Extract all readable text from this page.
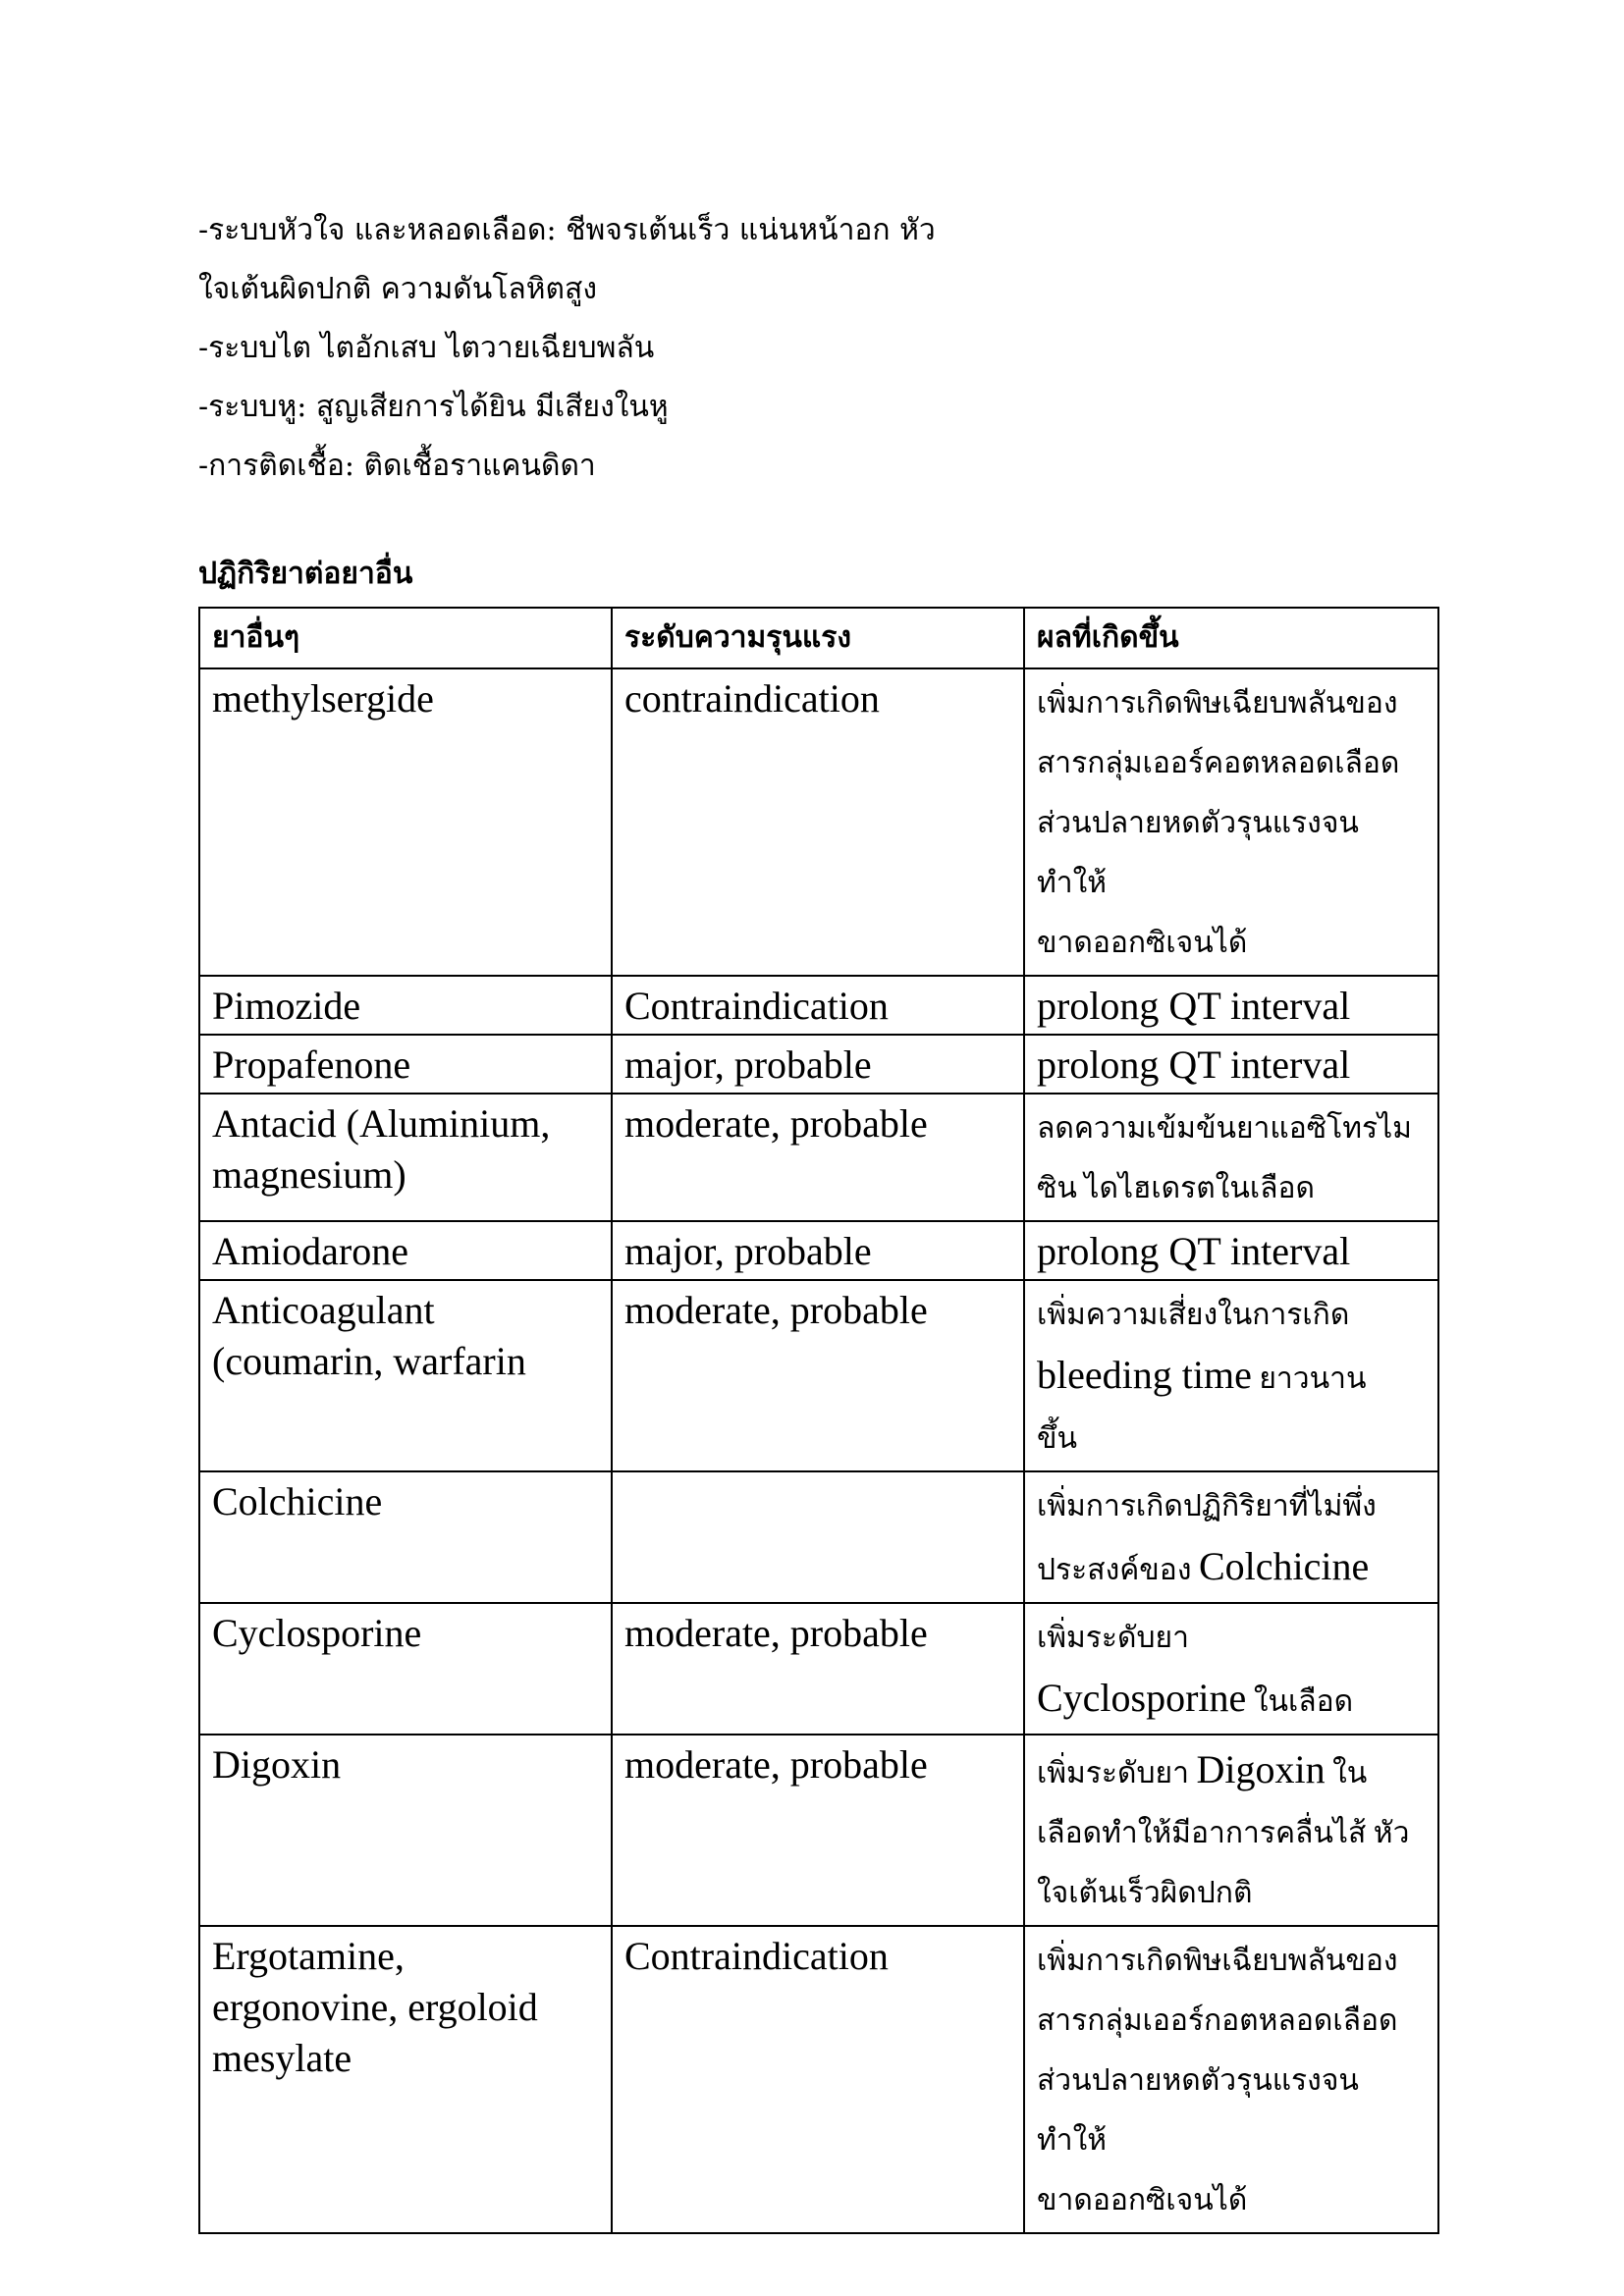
-ระบบหัวใจ และหลอดเลือด: ชีพจรเต้นเร็ว แน่นหน้าอก หัว

ใจเต้นผิดปกติ ความดันโลหิตสูง

-ระบบไต ไตอักเสบ ไตวายเฉียบพลัน

-ระบบหู: สูญเสียการได้ยิน มีเสียงในหู

-การติดเชื้อ: ติดเชื้อราแคนดิดา

ปฏิกิริยาต่อยาอื่น
ยาอื่นๆ	ระดับความรุนแรง	ผลที่เกิดขึ้น
methylsergide	contraindication	เพิ่มการเกิดพิษเฉียบพลันของ
สารกลุ่มเออร์คอตหลอดเลือด
ส่วนปลายหดตัวรุนแรงจนทำให้
ขาดออกซิเจนได้
Pimozide	Contraindication	prolong QT interval
Propafenone	major, probable	prolong QT interval
Antacid (Aluminium,
magnesium)	moderate, probable	ลดความเข้มข้นยาแอซิโทรไม
ซิน ไดไฮเดรตในเลือด
Amiodarone	major, probable	prolong QT interval
Anticoagulant
(coumarin, warfarin	moderate, probable	เพิ่มความเสี่ยงในการเกิด
bleeding time ยาวนาน
ขึ้น
Colchicine		เพิ่มการเกิดปฏิกิริยาที่ไม่พึ่ง
ประสงค์ของ Colchicine
Cyclosporine	moderate, probable	เพิ่มระดับยา
Cyclosporine ในเลือด
Digoxin	moderate, probable	เพิ่มระดับยา Digoxin ใน
เลือดทำให้มีอาการคลื่นไส้ หัว
ใจเต้นเร็วผิดปกติ
Ergotamine,
ergonovine, ergoloid
mesylate	Contraindication	เพิ่มการเกิดพิษเฉียบพลันของ
สารกลุ่มเออร์กอตหลอดเลือด
ส่วนปลายหดตัวรุนแรงจนทำให้
ขาดออกซิเจนได้
